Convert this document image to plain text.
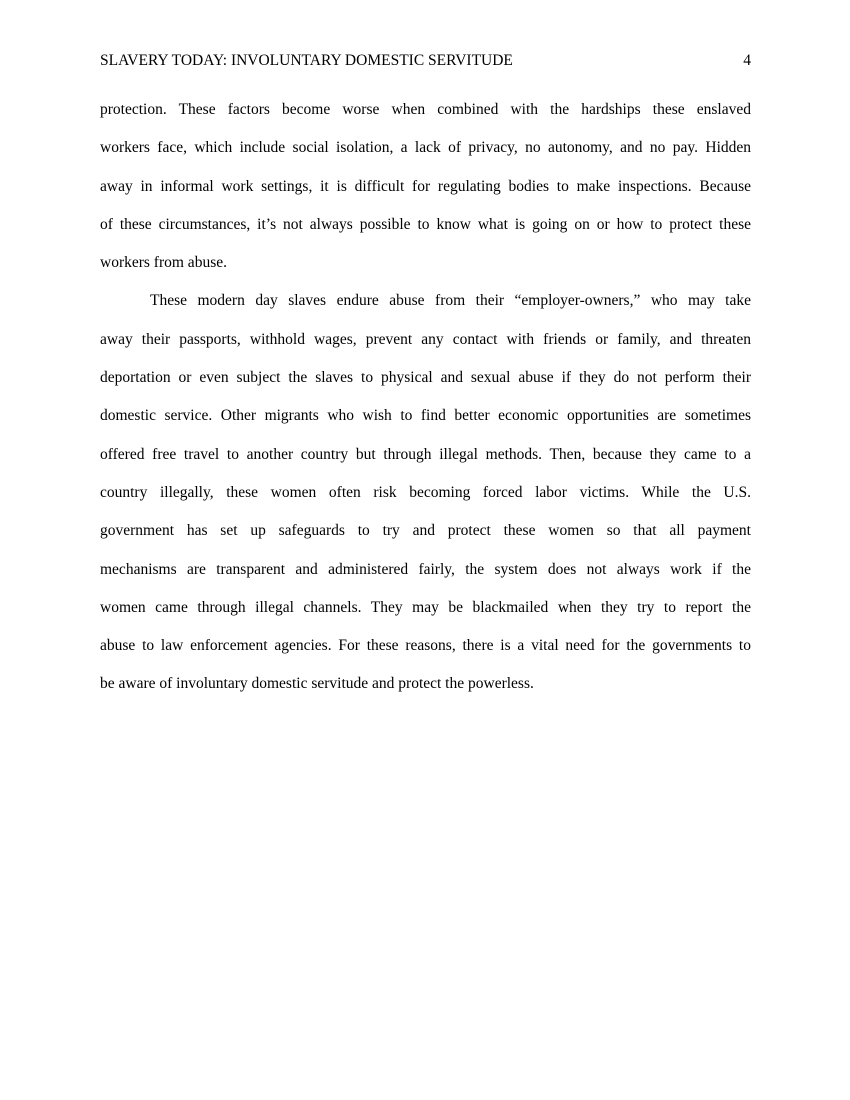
SLAVERY TODAY: INVOLUNTARY DOMESTIC SERVITUDE	4
protection. These factors become worse when combined with the hardships these enslaved
workers face, which include social isolation, a lack of privacy, no autonomy, and no pay. Hidden
away in informal work settings, it is difficult for regulating bodies to make inspections. Because
of these circumstances, it’s not always possible to know what is going on or how to protect these
workers from abuse.
These modern day slaves endure abuse from their “employer-owners,” who may take
away their passports, withhold wages, prevent any contact with friends or family, and threaten
deportation or even subject the slaves to physical and sexual abuse if they do not perform their
domestic service. Other migrants who wish to find better economic opportunities are sometimes
offered free travel to another country but through illegal methods. Then, because they came to a
country illegally, these women often risk becoming forced labor victims. While the U.S.
government has set up safeguards to try and protect these women so that all payment
mechanisms are transparent and administered fairly, the system does not always work if the
women came through illegal channels. They may be blackmailed when they try to report the
abuse to law enforcement agencies. For these reasons, there is a vital need for the governments to
be aware of involuntary domestic servitude and protect the powerless.
